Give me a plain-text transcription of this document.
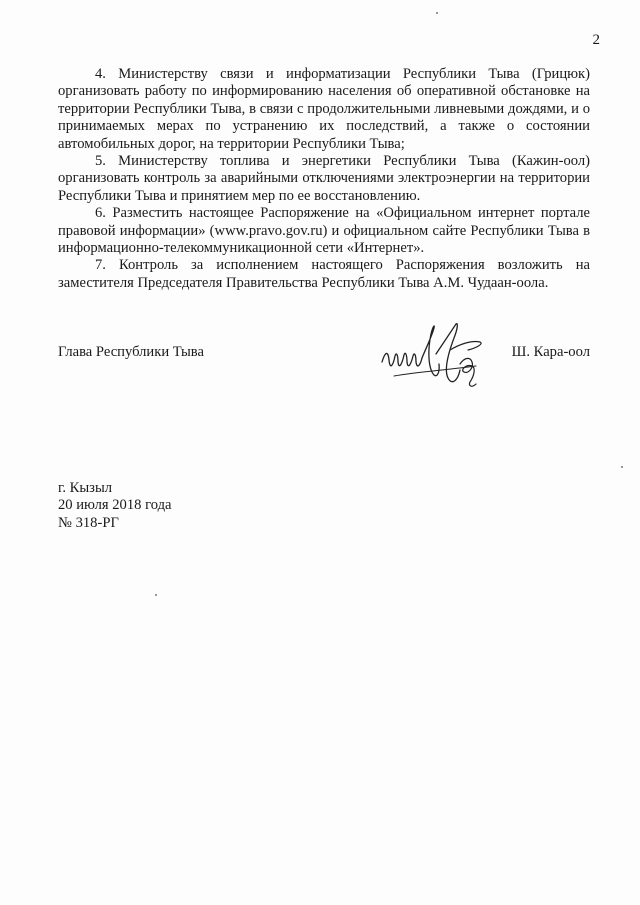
2

4. Министерству связи и информатизации Республики Тыва (Грицюк) организовать работу по информированию населения об оперативной обстановке на территории Республики Тыва, в связи с продолжительными ливневыми дождями, и о принимаемых мерах по устранению их последствий, а также о состоянии автомобильных дорог, на территории Республики Тыва;

5. Министерству топлива и энергетики Республики Тыва (Кажин-оол) организовать контроль за аварийными отключениями электроэнергии на территории Республики Тыва и принятием мер по ее восстановлению.

6. Разместить настоящее Распоряжение на «Официальном интернет портале правовой информации» (www.pravo.gov.ru) и официальном сайте Республики Тыва в информационно-телекоммуникационной сети «Интернет».

7. Контроль за исполнением настоящего Распоряжения возложить на заместителя Председателя Правительства Республики Тыва А.М. Чудаан-оола.

Глава Республики Тыва	Ш. Кара-оол
г. Кызыл
20 июля 2018 года
№ 318-РГ
